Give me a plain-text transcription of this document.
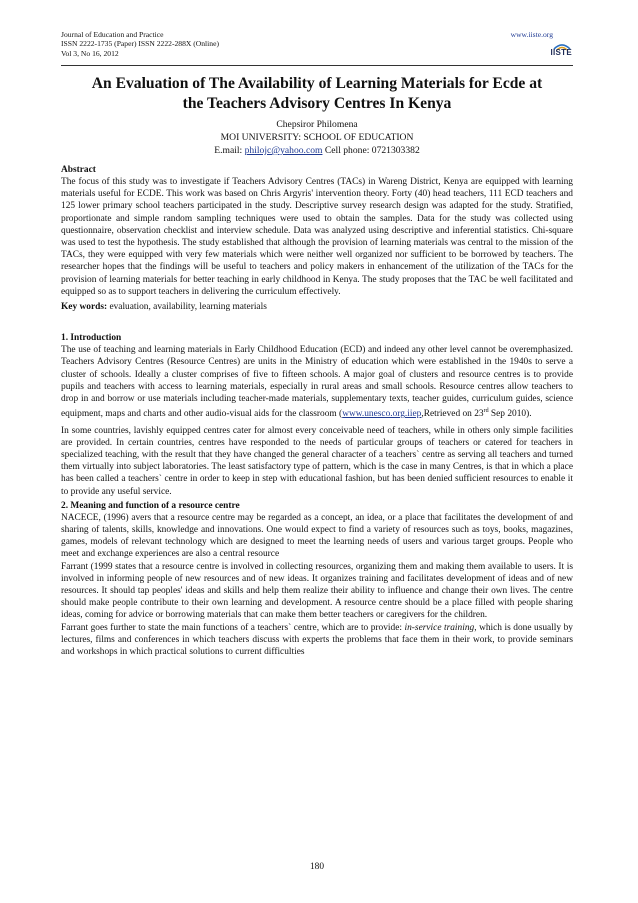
Journal of Education and Practice
ISSN 2222-1735 (Paper) ISSN 2222-288X (Online)
Vol 3, No 16, 2012
www.iiste.org
IISTE
An Evaluation of The Availability of Learning Materials for Ecde at the Teachers Advisory Centres In Kenya
Chepsiror Philomena
MOI UNIVERSITY: SCHOOL OF EDUCATION
E.mail: philojc@yahoo.com Cell phone: 0721303382
Abstract

The focus of this study was to investigate if Teachers Advisory Centres (TACs) in Wareng District, Kenya are equipped with learning materials useful for ECDE. This work was based on Chris Argyris' intervention theory. Forty (40) head teachers, 111 ECD teachers and 125 lower primary school teachers participated in the study. Descriptive survey research design was adapted for the study. Stratified, proportionate and simple random sampling techniques were used to obtain the samples. Data for the study was collected using questionnaire, observation checklist and interview schedule. Data was analyzed using descriptive and inferential statistics. Chi-square was used to test the hypothesis. The study established that although the provision of learning materials was central to the mission of the TACs, they were equipped with very few materials which were neither well organized nor sufficient to be borrowed by teachers. The researcher hopes that the findings will be useful to teachers and policy makers in enhancement of the utilization of the TACs for the provision of learning materials for better teaching in early childhood in Kenya. The study proposes that the TAC be well facilitated and equipped so as to support teachers in delivering the curriculum effectively.

Key words: evaluation, availability, learning materials

1. Introduction

The use of teaching and learning materials in Early Childhood Education (ECD) and indeed any other level cannot be overemphasized. Teachers Advisory Centres (Resource Centres) are units in the Ministry of education which were established in the 1940s to serve a cluster of schools. Ideally a cluster comprises of five to fifteen schools. A major goal of clusters and resource centres is to provide pupils and teachers with access to learning materials, especially in rural areas and small schools. Resource centres allow teachers to drop in and borrow or use materials including teacher-made materials, supplementary texts, teacher guides, curriculum guides, science equipment, maps and charts and other audio-visual aids for the classroom (www.unesco.org.iiep,Retrieved on 23rd Sep 2010).

In some countries, lavishly equipped centres cater for almost every conceivable need of teachers, while in others only simple facilities are provided. In certain countries, centres have responded to the needs of particular groups of teachers or catered for teachers in specialized teaching, with the result that they have changed the general character of a teachers` centre as serving all teachers and turned them virtually into subject laboratories. The least satisfactory type of pattern, which is the case in many Centres, is that in which a place has been called a teachers` centre in order to keep in step with educational fashion, but has been denied sufficient resources to enable it to provide any useful service.

2. Meaning and function of a resource centre

NACECE, (1996) avers that a resource centre may be regarded as a concept, an idea, or a place that facilitates the development of and sharing of talents, skills, knowledge and innovations. One would expect to find a variety of resources such as toys, books, magazines, games, models of relevant technology which are designed to meet the learning needs of users and various target groups. People who meet and exchange experiences are also a central resource

Farrant (1999 states that a resource centre is involved in collecting resources, organizing them and making them available to users. It is involved in informing people of new resources and of new ideas. It organizes training and facilitates development of ideas and of new resources. It should tap peoples' ideas and skills and help them realize their ability to influence and change their own lives. The centre should make people contribute to their own learning and development. A resource centre should be a place filled with people sharing ideas, coming for advice or borrowing materials that can make them better teachers or caregivers for the children.

Farrant goes further to state the main functions of a teachers` centre, which are to provide: in-service training, which is done usually by lectures, films and conferences in which teachers discuss with experts the problems that face them in their work, to provide seminars and workshops in which practical solutions to current difficulties

180
